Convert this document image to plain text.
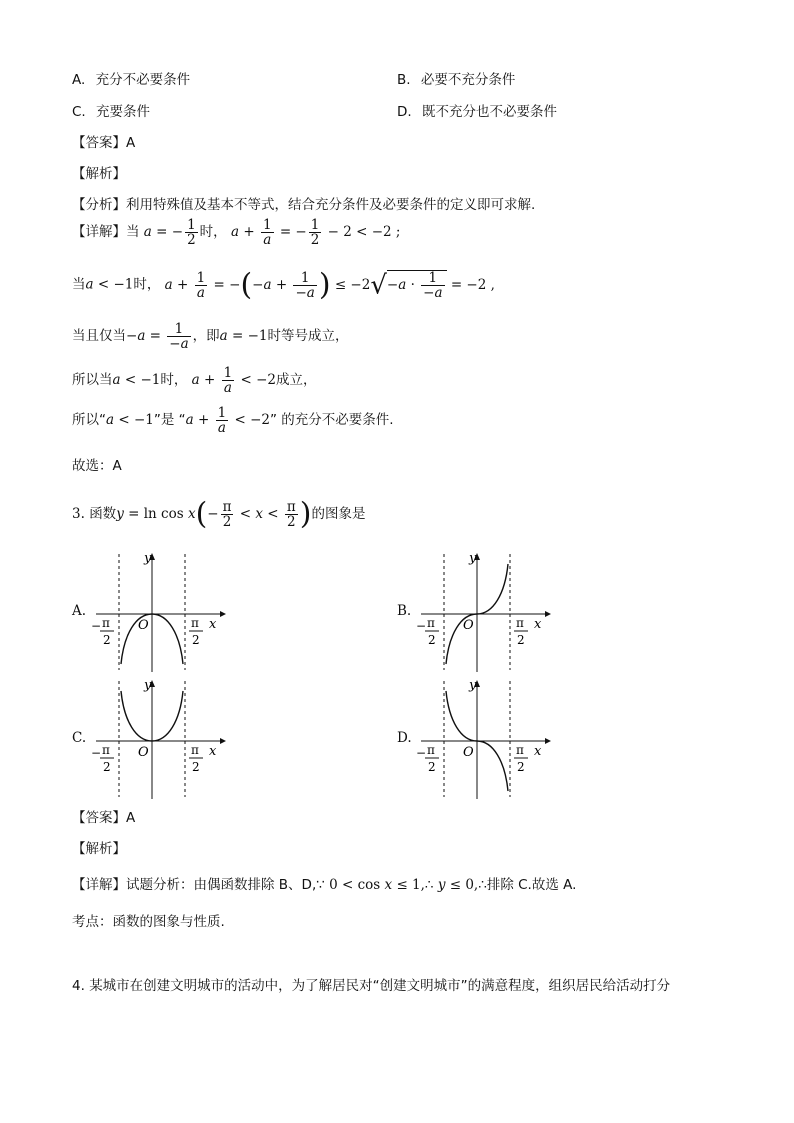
A. 充分不必要条件	B. 必要不充分条件
C. 充要条件	D. 既不充分也不必要条件
【答案】A
【解析】
【分析】利用特殊值及基本不等式，结合充分条件及必要条件的定义即可求解.
【详解】当 a = − $\frac{1}{2}$ 时， $a + \frac{1}{a}$ = − $\frac{1}{2} - 2 < -2$ ;
当a < −1时， $a + \frac{1}{a} = -(-a + \frac{1}{-a}$ ) ≤ $-2√-a \cdot \frac{1}{-a} = -2$ ,
当且仅当$-a = \frac{1}{-a}$ ，即a = −1时等号成立，
所以当a < −1时， $a + \frac{1}{a} < -2$成立，
所以“a < −1”是 “$a + \frac{1}{a} < -2$” 的充分不必要条件.
故选：A
3. 函数$y = \ln \cos x(- \frac{\pi}{2} < x < \frac{\pi}{2}$ )的图象是
A.	B.
C.	D.
y
x
O
− π
2
π
2
y
x
O
− π
2
π
2
y
x
O
− π
2
π
2
y
x
O
− π
2
π
2
【答案】A
【解析】
【详解】试题分析：由偶函数排除 B、D,∵ 0 < cos x ≤ 1,∴ y ≤ 0,∴排除 C.故选 A.
考点：函数的图象与性质.
4. 某城市在创建文明城市的活动中，为了解居民对“创建文明城市”的满意程度，组织居民给活动打分
